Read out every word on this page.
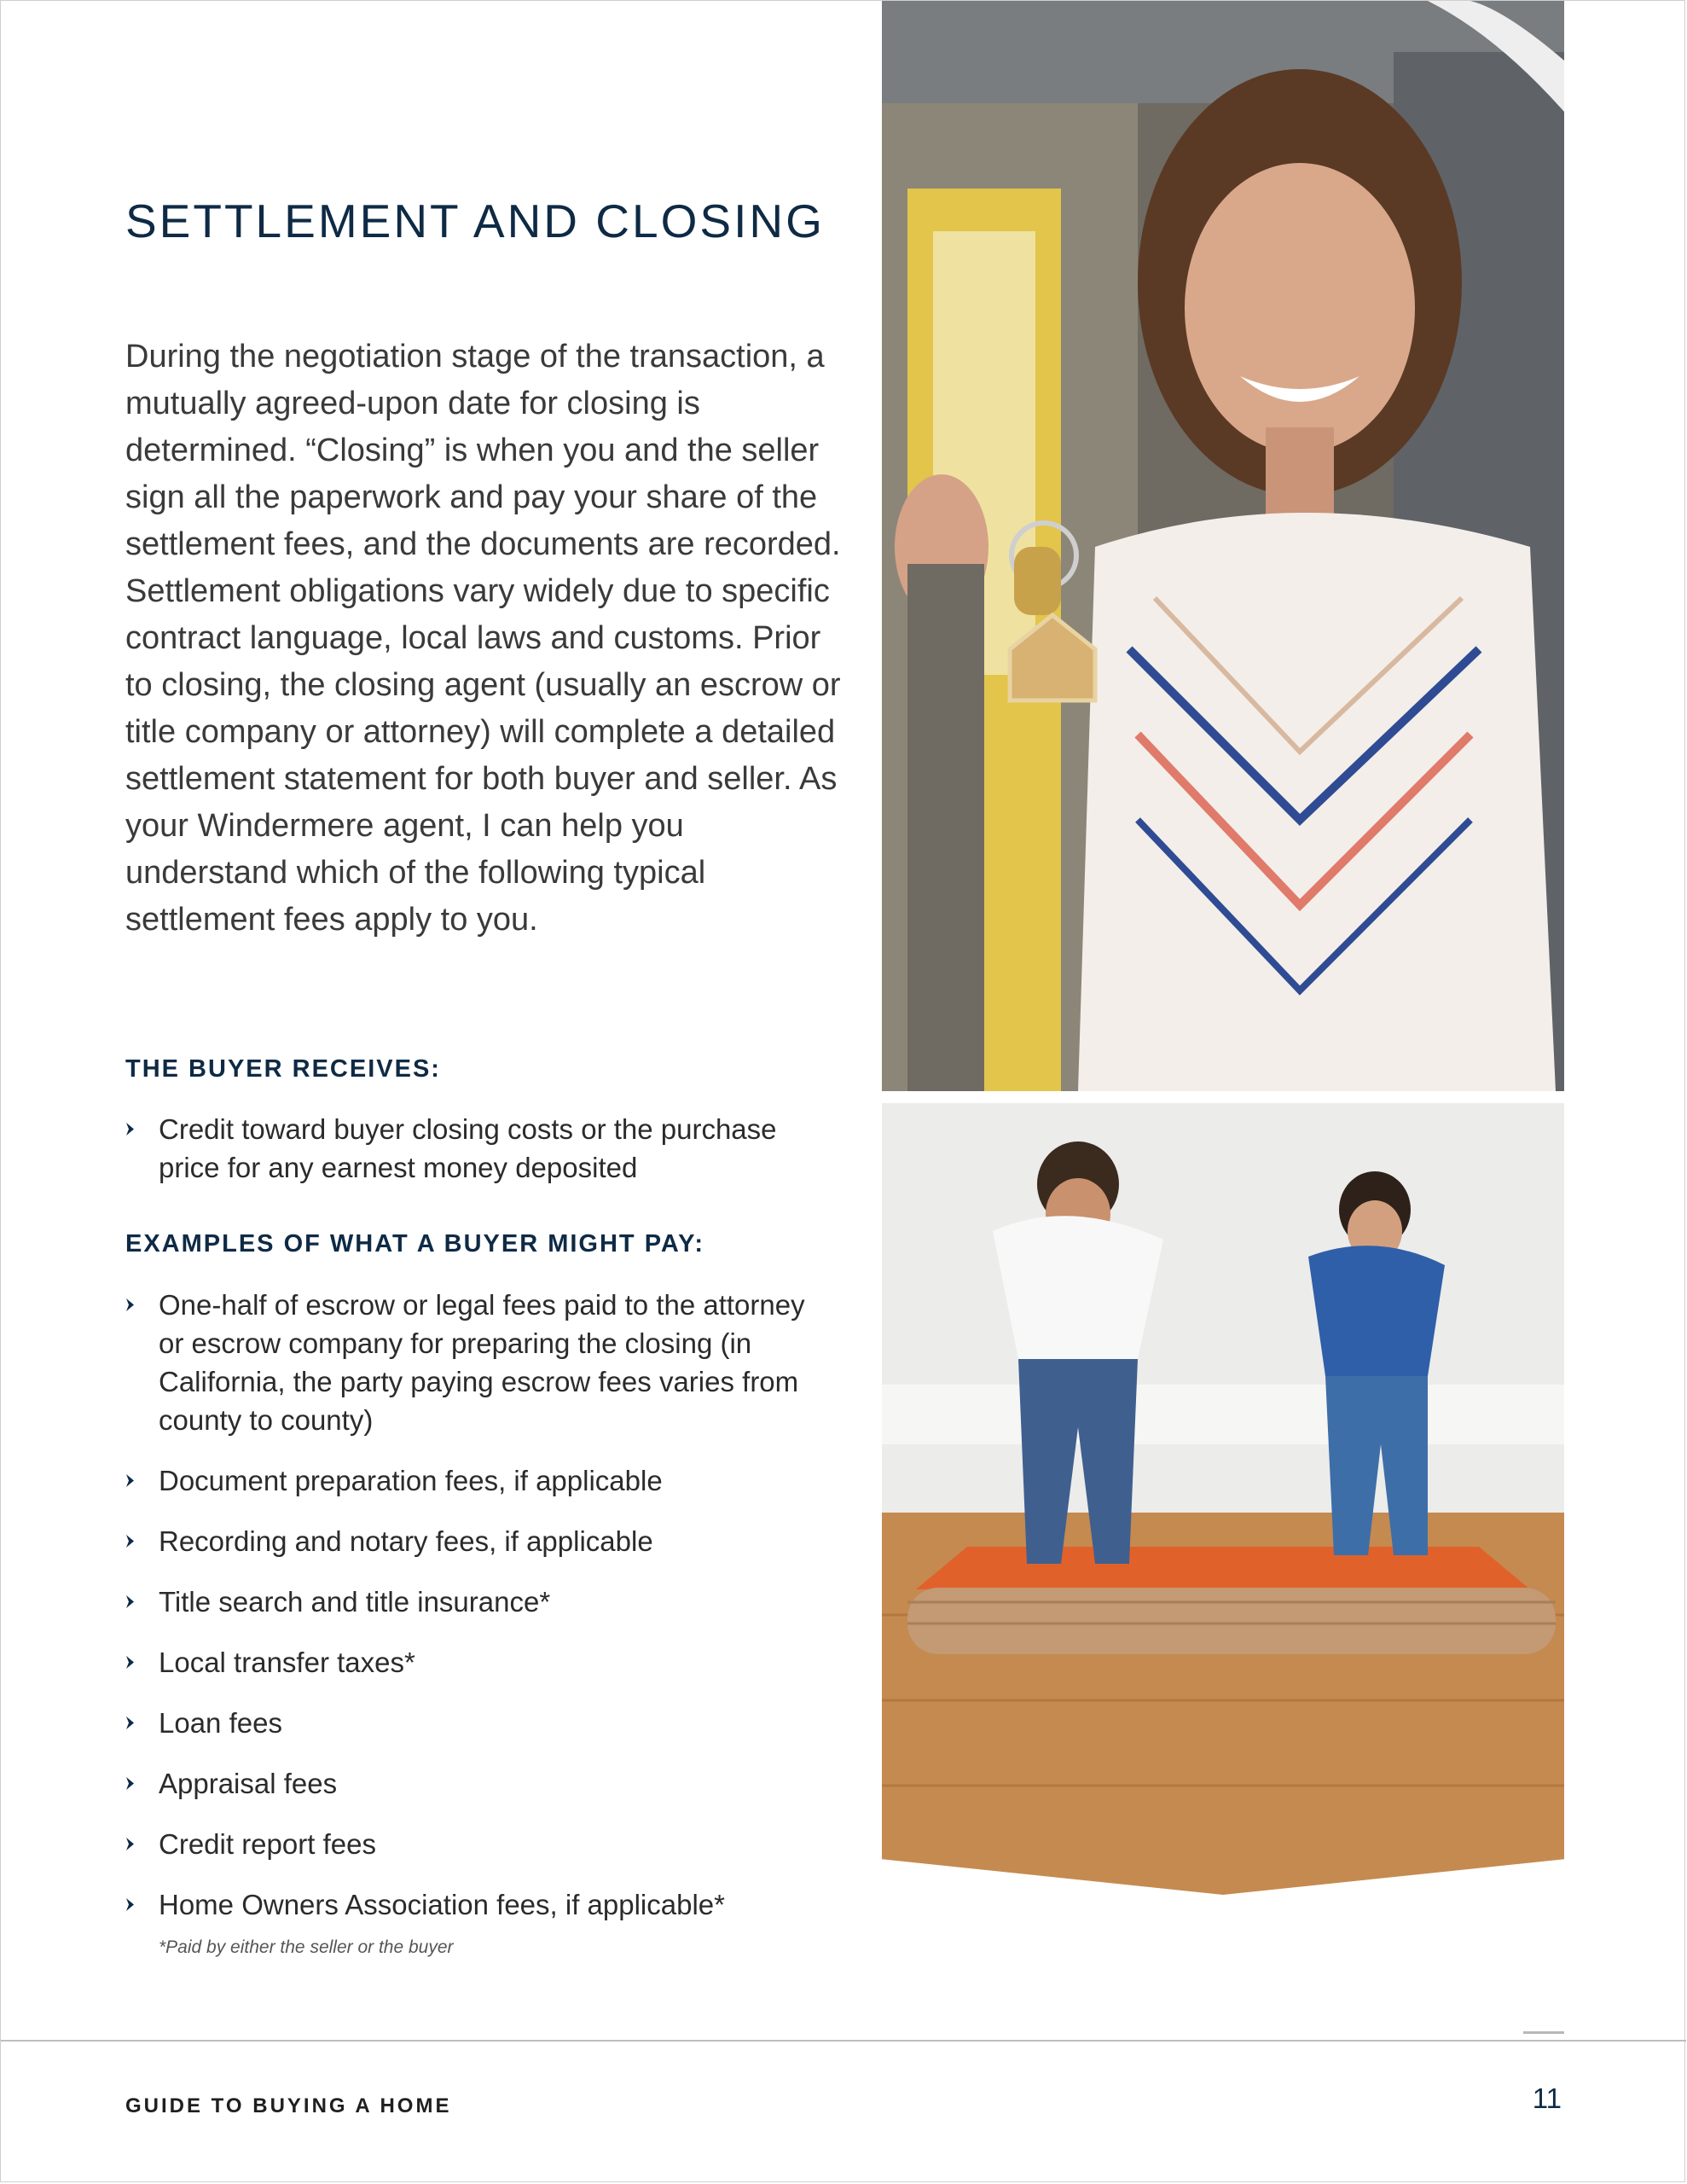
SETTLEMENT AND CLOSING

During the negotiation stage of the transaction, a mutually agreed-upon date for closing is determined. “Closing” is when you and the seller sign all the paperwork and pay your share of the settlement fees, and the documents are recorded. Settlement obligations vary widely due to specific contract language, local laws and customs. Prior to closing, the closing agent (usually an escrow or title company or attorney) will complete a detailed settlement statement for both buyer and seller. As your Windermere agent, I can help you understand which of the following typical settlement fees apply to you.

THE BUYER RECEIVES:
Credit toward buyer closing costs or the purchase price for any earnest money deposited
EXAMPLES OF WHAT A BUYER MIGHT PAY:
One-half of escrow or legal fees paid to the attorney or escrow company for preparing the closing (in California, the party paying escrow fees varies from county to county)
Document preparation fees, if applicable
Recording and notary fees, if applicable
Title search and title insurance*
Local transfer taxes*
Loan fees
Appraisal fees
Credit report fees
Home Owners Association fees, if applicable*

*Paid by either the seller or the buyer

GUIDE TO BUYING A HOME	11
